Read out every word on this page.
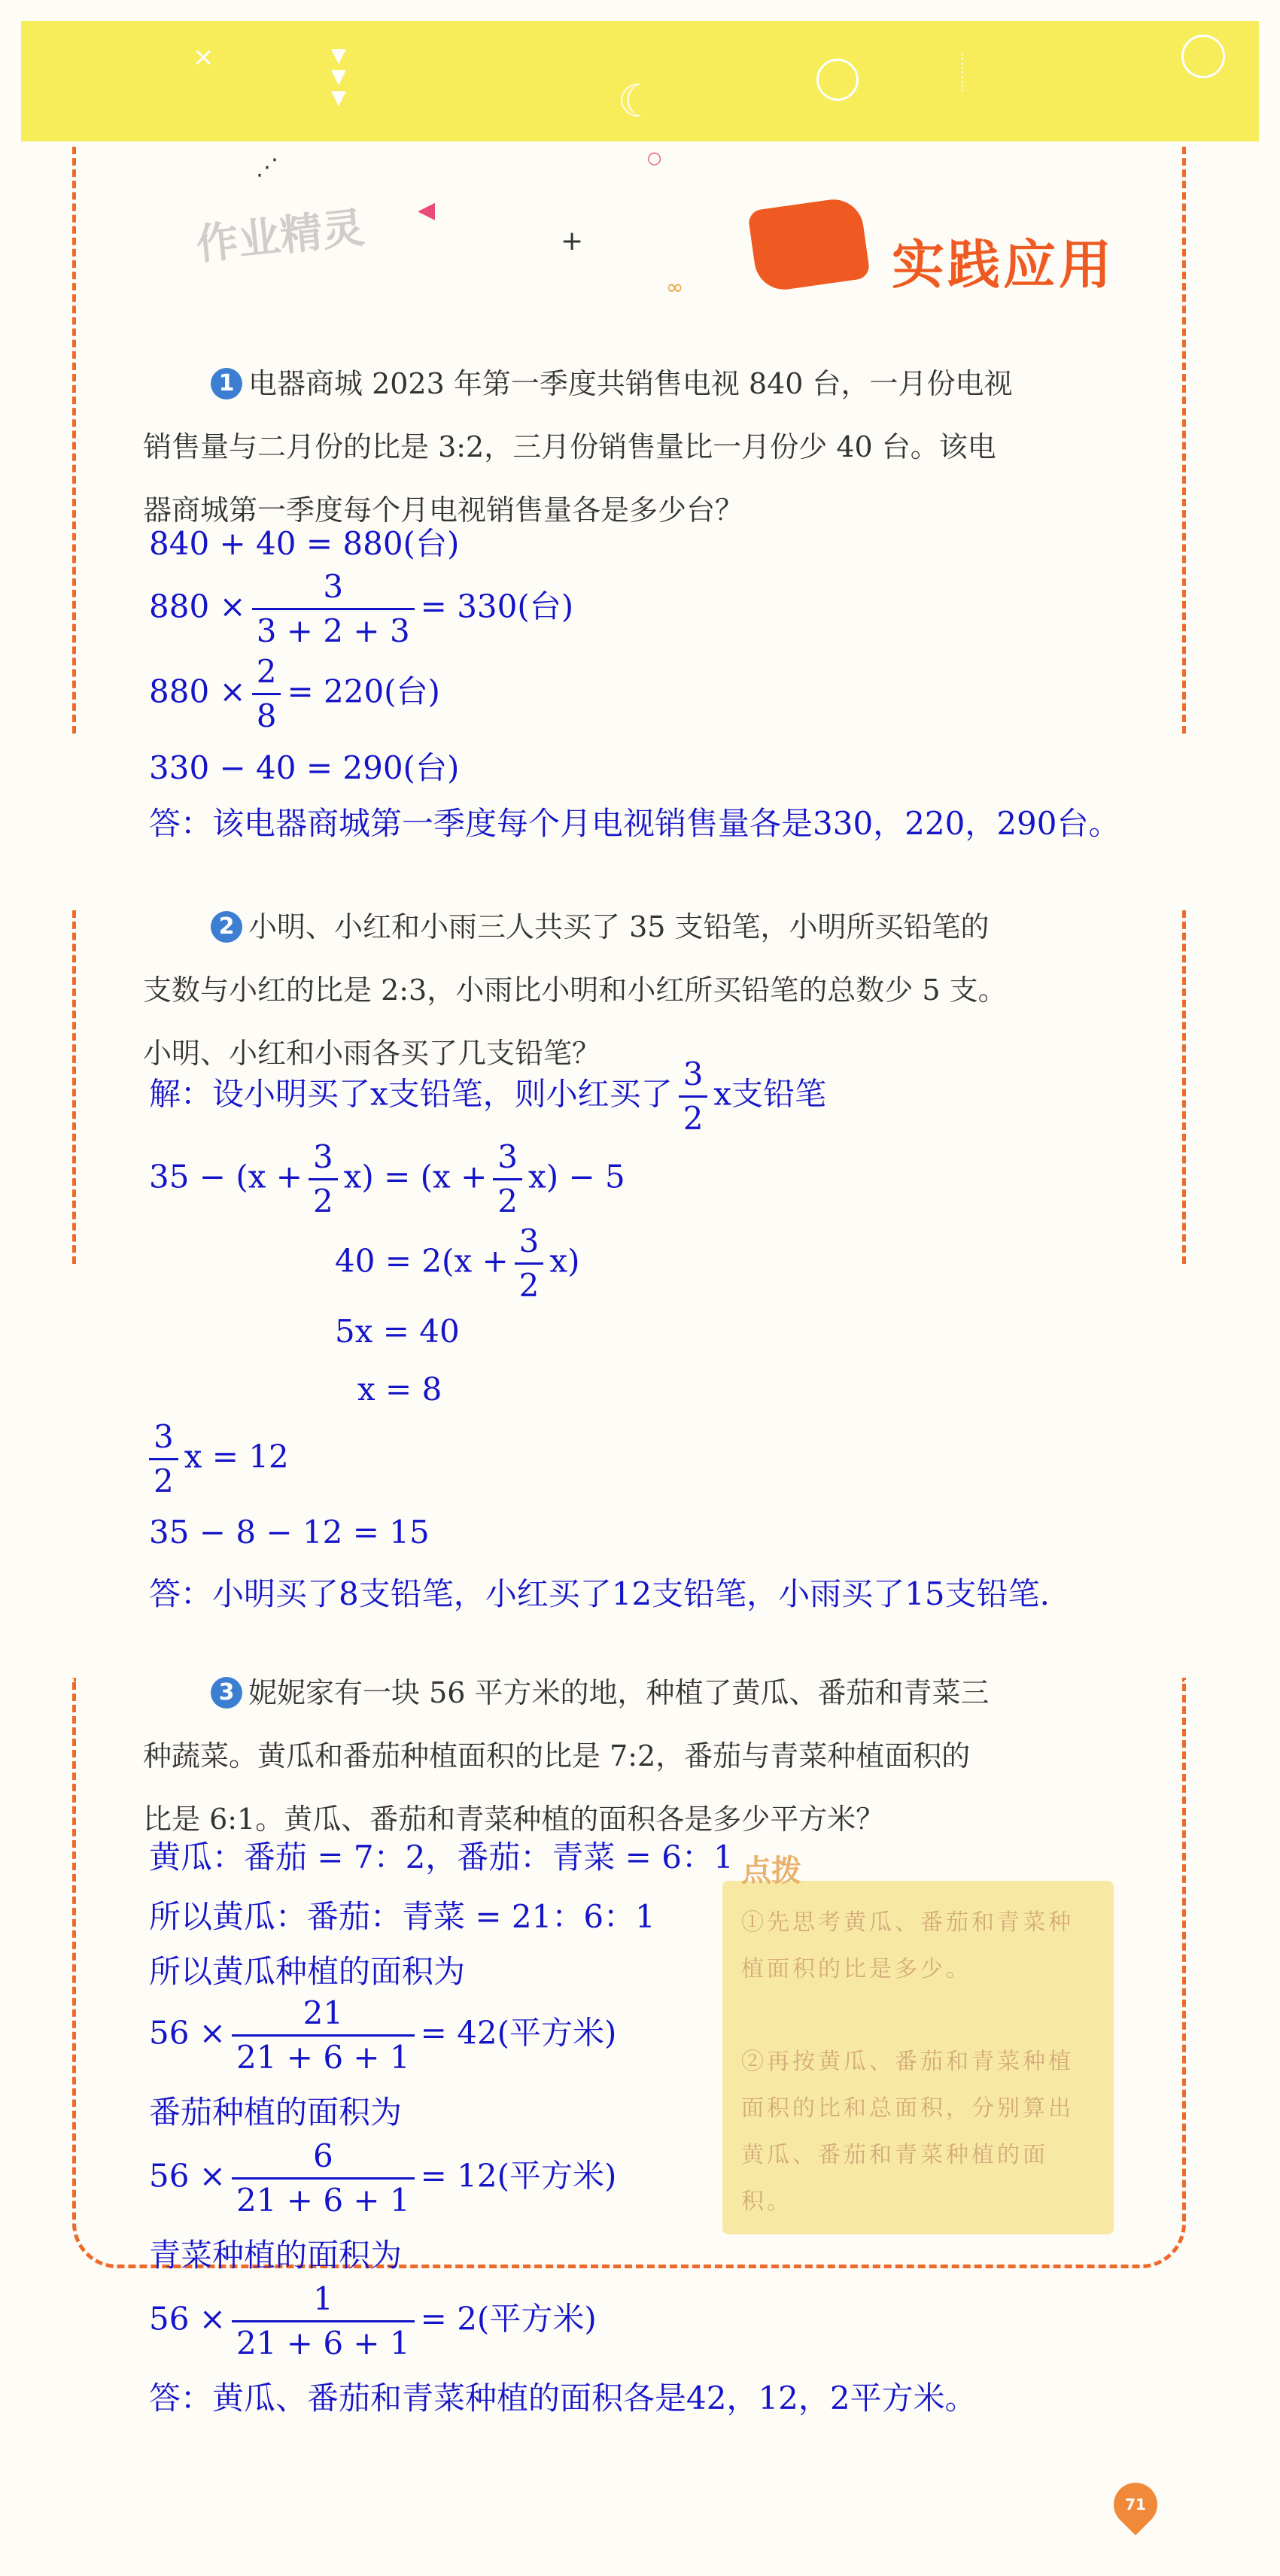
×	▼
▼
▼	☾
⋮
⋮
⋮
⋰
◀
+
○
∞
作业精灵	实践应用
1 电器商城 2023 年第一季度共销售电视 840 台，一月份电视
销售量与二月份的比是 3:2，三月份销售量比一月份少 40 台。该电
器商城第一季度每个月电视销售量各是多少台？
840 + 40 = 880(台)
$880 \times \frac{3}{3 + 2 + 3} = 330$(台)
$880 \times \frac{2}{8} = 220$(台)
330 − 40 = 290(台)
答：该电器商城第一季度每个月电视销售量各是330，220，290台。
2 小明、小红和小雨三人共买了 35 支铅笔，小明所买铅笔的
支数与小红的比是 2:3，小雨比小明和小红所买铅笔的总数少 5 支。
小明、小红和小雨各买了几支铅笔？
解：设小明买了x支铅笔，则小红买了 $\frac{3}{2}$ x支铅笔
$35 - (x + \frac{3}{2} x) = (x + \frac{3}{2} x) - 5$
$40 = 2(x + \frac{3}{2} x)$
5x = 40
x = 8
$\frac{3}{2}$ x = 12
35 − 8 − 12 = 15
答：小明买了8支铅笔，小红买了12支铅笔，小雨买了15支铅笔.
3 妮妮家有一块 56 平方米的地，种植了黄瓜、番茄和青菜三
种蔬菜。黄瓜和番茄种植面积的比是 7:2，番茄与青菜种植面积的
比是 6:1。黄瓜、番茄和青菜种植的面积各是多少平方米？
点拨
①先思考黄瓜、番茄和青菜种植面积的比是多少。
②再按黄瓜、番茄和青菜种植面积的比和总面积，分别算出黄瓜、番茄和青菜种植的面积。
黄瓜：番茄 = 7：2，番茄：青菜 = 6：1
所以黄瓜：番茄：青菜 = 21：6：1
所以黄瓜种植的面积为
$56 \times \frac{21}{21 + 6 + 1} = 42$(平方米)
番茄种植的面积为
$56 \times \frac{6}{21 + 6 + 1} = 12$(平方米)
青菜种植的面积为
$56 \times \frac{1}{21 + 6 + 1} = 2$(平方米)
答：黄瓜、番茄和青菜种植的面积各是42，12，2平方米。
71
